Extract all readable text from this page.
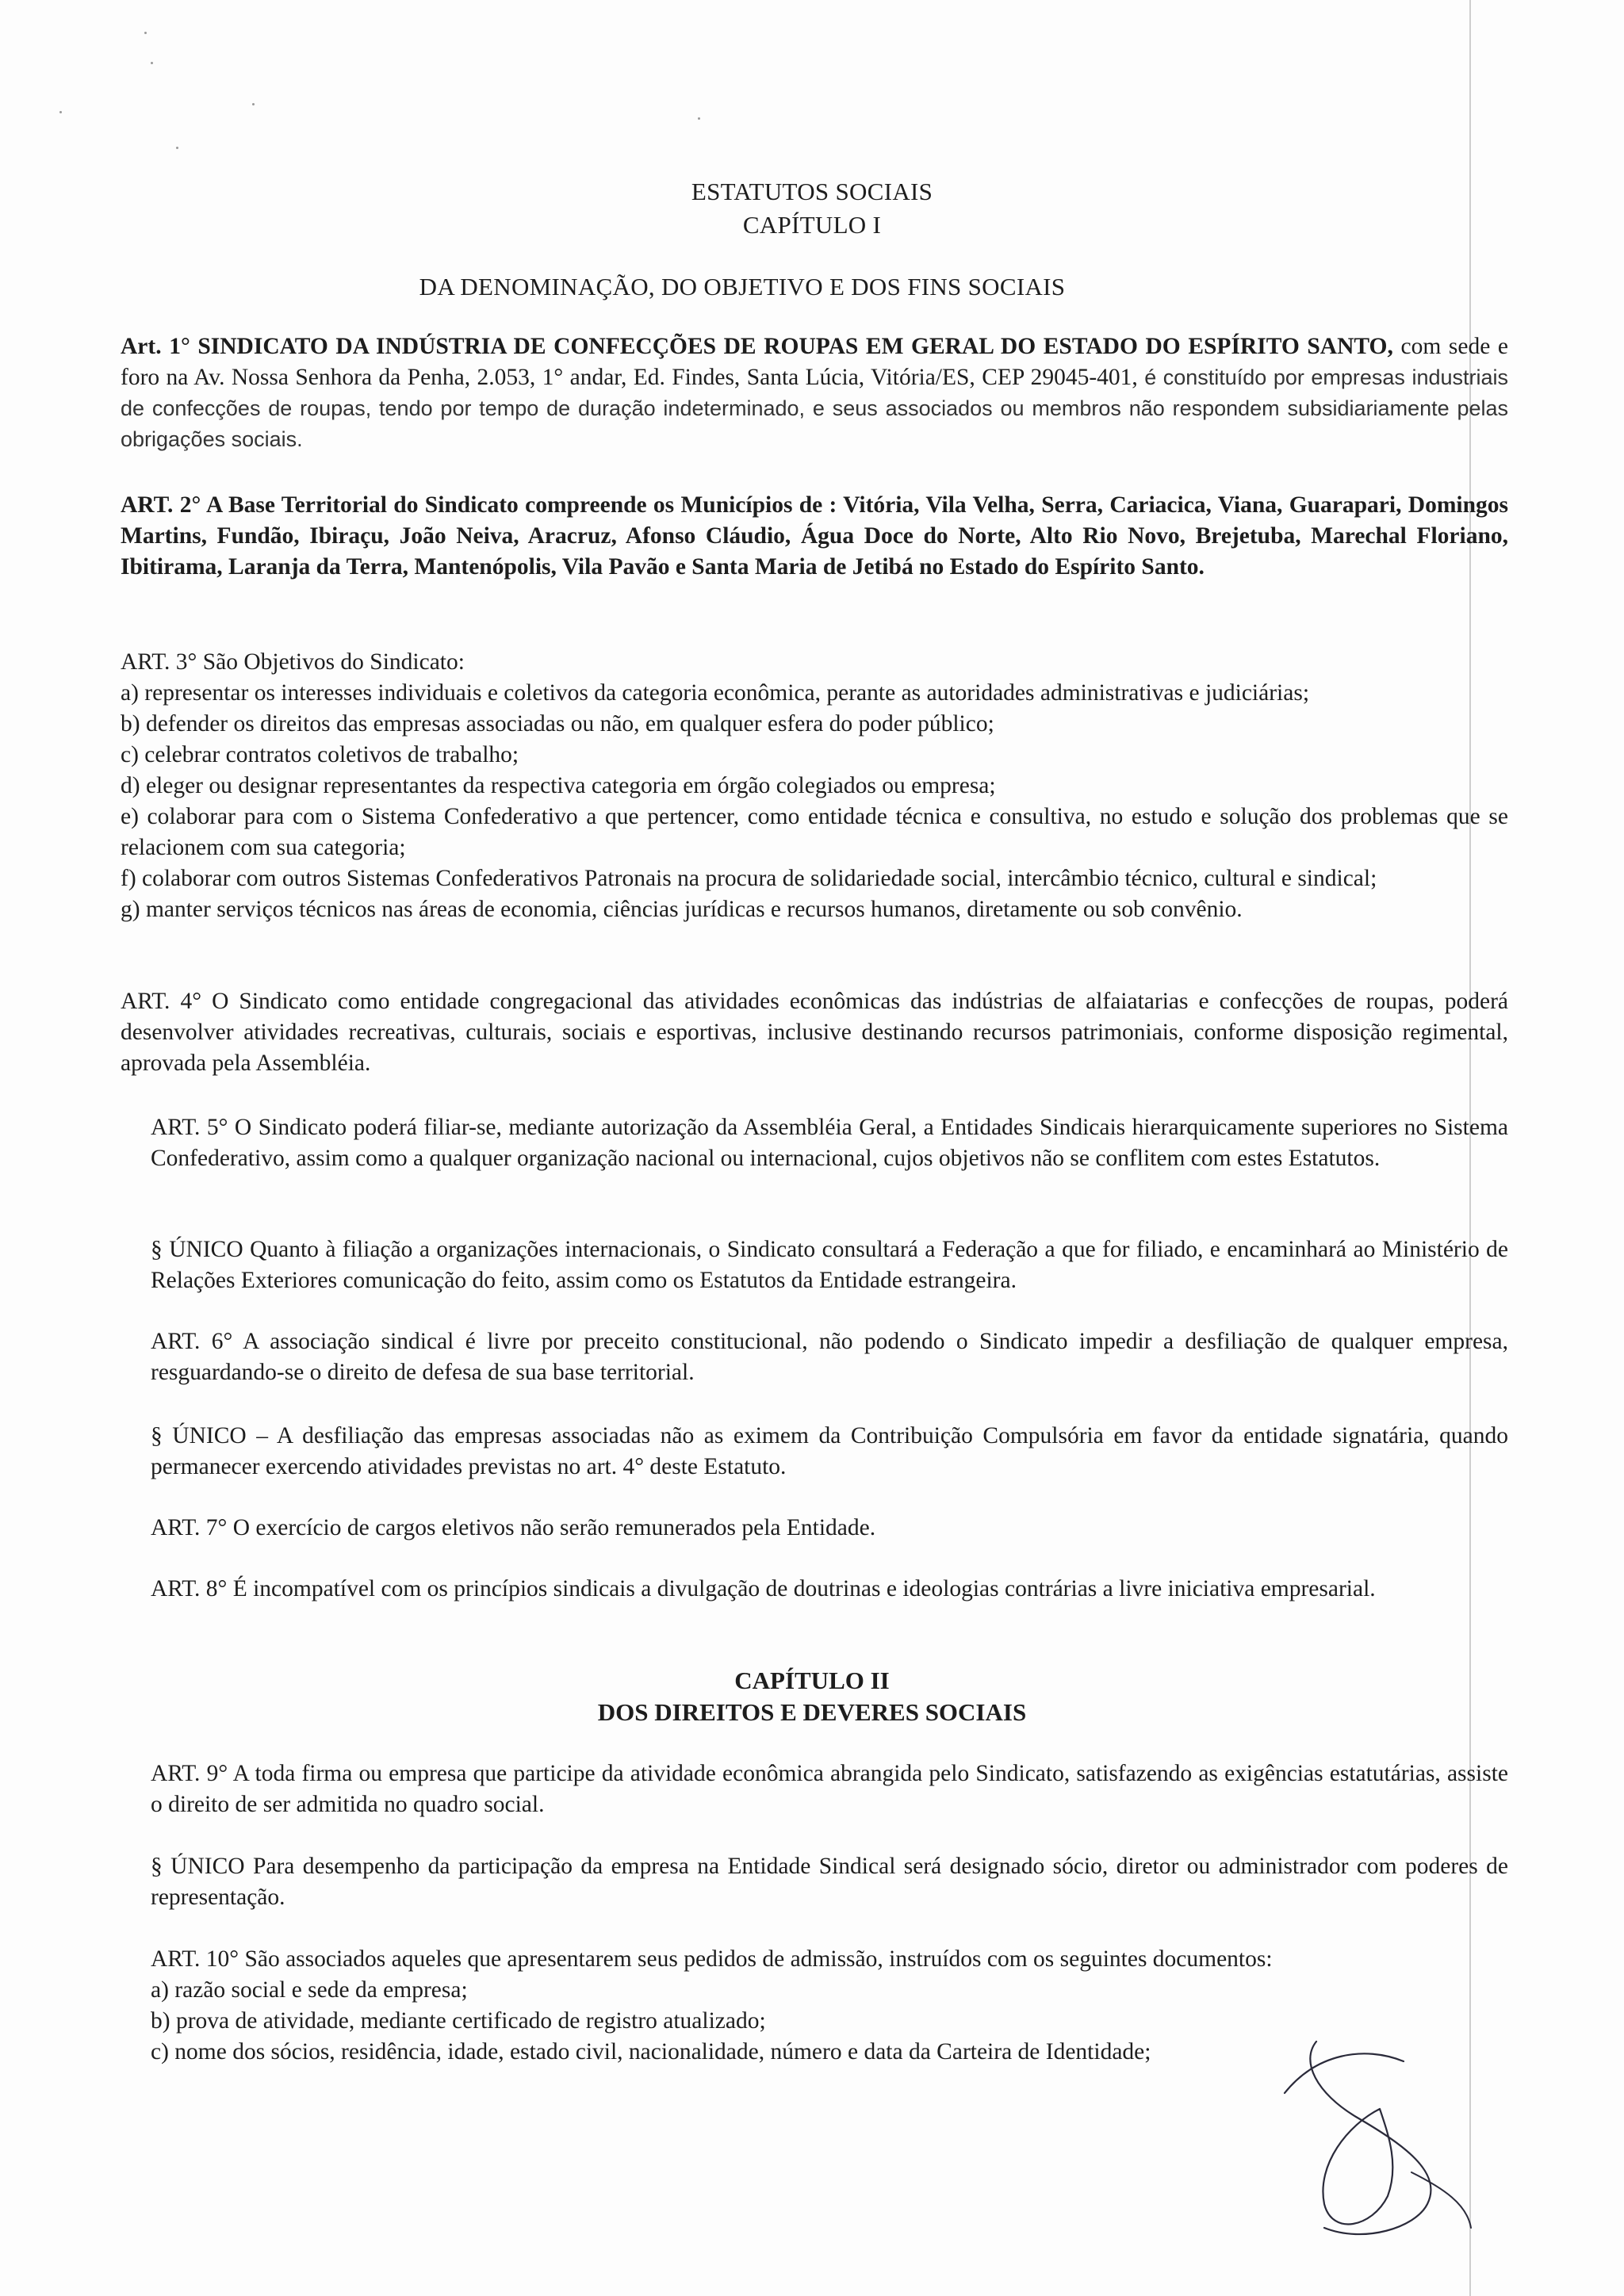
ESTATUTOS SOCIAIS
CAPÍTULO I
DA DENOMINAÇÃO, DO OBJETIVO E DOS FINS SOCIAIS

Art. 1° SINDICATO DA INDÚSTRIA DE CONFECÇÕES DE ROUPAS EM GERAL DO ESTADO DO ESPÍRITO SANTO, com sede e foro na Av. Nossa Senhora da Penha, 2.053, 1° andar, Ed. Findes, Santa Lúcia, Vitória/ES, CEP 29045-401, é constituído por empresas industriais de confecções de roupas, tendo por tempo de duração indeterminado, e seus associados ou membros não respondem subsidiariamente pelas obrigações sociais.

ART. 2° A Base Territorial do Sindicato compreende os Municípios de : Vitória, Vila Velha, Serra, Cariacica, Viana, Guarapari, Domingos Martins, Fundão, Ibiraçu, João Neiva, Aracruz, Afonso Cláudio, Água Doce do Norte, Alto Rio Novo, Brejetuba, Marechal Floriano, Ibitirama, Laranja da Terra, Mantenópolis, Vila Pavão e Santa Maria de Jetibá no Estado do Espírito Santo.
ART. 3° São Objetivos do Sindicato:

a) representar os interesses individuais e coletivos da categoria econômica, perante as autoridades administrativas e judiciárias;

b) defender os direitos das empresas associadas ou não, em qualquer esfera do poder público;

c) celebrar contratos coletivos de trabalho;

d) eleger ou designar representantes da respectiva categoria em órgão colegiados ou empresa;

e) colaborar para com o Sistema Confederativo a que pertencer, como entidade técnica e consultiva, no estudo e solução dos problemas que se relacionem com sua categoria;

f) colaborar com outros Sistemas Confederativos Patronais na procura de solidariedade social, intercâmbio técnico, cultural e sindical;

g) manter serviços técnicos nas áreas de economia, ciências jurídicas e recursos humanos, diretamente ou sob convênio.

ART. 4° O Sindicato como entidade congregacional das atividades econômicas das indústrias de alfaiatarias e confecções de roupas, poderá desenvolver atividades recreativas, culturais, sociais e esportivas, inclusive destinando recursos patrimoniais, conforme disposição regimental, aprovada pela Assembléia.
ART. 5° O Sindicato poderá filiar-se, mediante autorização da Assembléia Geral, a Entidades Sindicais hierarquicamente superiores no Sistema Confederativo, assim como a qualquer organização nacional ou internacional, cujos objetivos não se conflitem com estes Estatutos.
§ ÚNICO Quanto à filiação a organizações internacionais, o Sindicato consultará a Federação a que for filiado, e encaminhará ao Ministério de Relações Exteriores comunicação do feito, assim como os Estatutos da Entidade estrangeira.
ART. 6° A associação sindical é livre por preceito constitucional, não podendo o Sindicato impedir a desfiliação de qualquer empresa, resguardando-se o direito de defesa de sua base territorial.
§ ÚNICO – A desfiliação das empresas associadas não as eximem da Contribuição Compulsória em favor da entidade signatária, quando permanecer exercendo atividades previstas no art. 4° deste Estatuto.
ART. 7° O exercício de cargos eletivos não serão remunerados pela Entidade.
ART. 8° É incompatível com os princípios sindicais a divulgação de doutrinas e ideologias contrárias a livre iniciativa empresarial.
CAPÍTULO II
DOS DIREITOS E DEVERES SOCIAIS
ART. 9° A toda firma ou empresa que participe da atividade econômica abrangida pelo Sindicato, satisfazendo as exigências estatutárias, assiste o direito de ser admitida no quadro social.
§ ÚNICO Para desempenho da participação da empresa na Entidade Sindical será designado sócio, diretor ou administrador com poderes de representação.
ART. 10° São associados aqueles que apresentarem seus pedidos de admissão, instruídos com os seguintes documentos:
a) razão social e sede da empresa;
b) prova de atividade, mediante certificado de registro atualizado;
c) nome dos sócios, residência, idade, estado civil, nacionalidade, número e data da Carteira de Identidade;
